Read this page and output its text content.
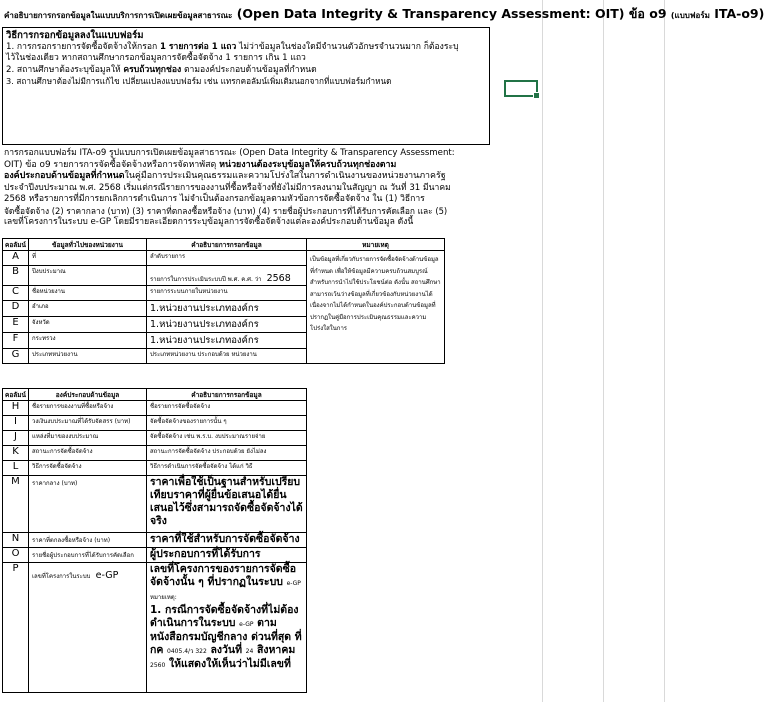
คำอธิบายการกรอกข้อมูลในแบบบริการการเปิดเผยข้อมูลสาธารณะ (Open Data Integrity & Transparency Assessment: OIT) ข้อ o9 (แบบฟอร์ม ITA-o9)
วิธีการกรอกข้อมูลลงในแบบฟอร์ม
1. การกรอกรายการจัดซื้อจัดจ้างให้กรอก 1 รายการต่อ 1 แถว ไม่ว่าข้อมูลในช่องใดมีจำนวนตัวอักษรจำนวนมาก ก็ต้องระบุ
ไว้ในช่องเดียว หากสถานศึกษากรอกข้อมูลการจัดซื้อจัดจ้าง 1 รายการ เกิน 1 แถว
2. สถานศึกษาต้องระบุข้อมูลให้ ครบถ้วนทุกช่อง ตามองค์ประกอบด้านข้อมูลที่กำหนด
3. สถานศึกษาต้องไม่มีการแก้ไข เปลี่ยนแปลงแบบฟอร์ม เช่น แทรกคอลัมน์เพิ่มเติมนอกจากที่แบบฟอร์มกำหนด
การกรอกแบบฟอร์ม ITA-o9 รูปแบบการเปิดเผยข้อมูลสาธารณะ (Open Data Integrity & Transparency Assessment:
OIT) ข้อ o9 รายการการจัดซื้อจัดจ้างหรือการจัดหาพัสดุ หน่วยงานต้องระบุข้อมูลให้ครบถ้วนทุกช่องตาม
องค์ประกอบด้านข้อมูลที่กำหนดในคู่มือการประเมินคุณธรรมและความโปร่งใสในการดำเนินงานของหน่วยงานภาครัฐ
ประจำปีงบประมาณ พ.ศ. 2568 เริ่มแต่กรณีรายการของงานที่ซื้อหรือจ้างที่ยังไม่มีการลงนามในสัญญา ณ วันที่ 31 มีนาคม
2568 หรือรายการที่มีการยกเลิกการดำเนินการ ไม่จำเป็นต้องกรอกข้อมูลตามหัวข้อการจัดซื้อจัดจ้าง ใน (1) วิธีการ
จัดซื้อจัดจ้าง (2) ราคากลาง (บาท) (3) ราคาที่ตกลงซื้อหรือจ้าง (บาท) (4) รายชื่อผู้ประกอบการที่ได้รับการคัดเลือก และ (5)
เลขที่โครงการในระบบ e-GP โดยมีรายละเอียดการระบุข้อมูลการจัดซื้อจัดจ้างแต่ละองค์ประกอบด้านข้อมูล ดังนี้
คอลัมน์	ข้อมูลทั่วไปของหน่วยงาน	คำอธิบายการกรอกข้อมูล	หมายเหตุ
A	ที่	ลำดับรายการ	เป็นข้อมูลที่เกี่ยวกับรายการจัดซื้อจัดจ้างด้านข้อมูลที่กำหนด เพื่อให้ข้อมูลมีความครบถ้วนสมบูรณ์สำหรับการนำไปใช้ประโยชน์ต่อ ดังนั้น สถานศึกษาสามารถเว้นว่างข้อมูลที่เกี่ยวข้องกับหน่วยงานได้ เนื่องจากไม่ได้กำหนดในองค์ประกอบด้านข้อมูลที่ปรากฏในคู่มือการประเมินคุณธรรมและความโปร่งใสในการ
B	ปีงบประมาณ	รายการในการประเมินระบบปี พ.ศ. ค.ศ. ว่า 2568	
C	ชื่อหน่วยงาน	รายการระบบภายในหน่วยงาน	
D	อำเภอ	1.หน่วยงานประเภทองค์กร	
E	จังหวัด	1.หน่วยงานประเภทองค์กร	
F	กระทรวง	1.หน่วยงานประเภทองค์กร	
G	ประเภทหน่วยงาน	ประเภทหน่วยงาน ประกอบด้วย หน่วยงาน	
คอลัมน์	องค์ประกอบด้านข้อมูล	คำอธิบายการกรอกข้อมูล
H	ชื่อรายการของงานที่ซื้อหรือจ้าง	ชื่อรายการจัดซื้อจัดจ้าง
I	วงเงินงบประมาณที่ได้รับจัดสรร (บาท)	จัดซื้อจัดจ้างของรายการนั้น ๆ
J	แหล่งที่มาของงบประมาณ	จัดซื้อจัดจ้าง เช่น พ.ร.บ. งบประมาณรายจ่าย
K	สถานะการจัดซื้อจัดจ้าง	สถานะการจัดซื้อจัดจ้าง ประกอบด้วย ยังไม่ลง
L	วิธีการจัดซื้อจัดจ้าง	วิธีการดำเนินการจัดซื้อจัดจ้าง ได้แก่ วิธี
M	ราคากลาง (บาท)	ราคาเพื่อใช้เป็นฐานสำหรับเปรียบเทียบราคาที่ผู้ยื่นข้อเสนอได้ยื่น เสนอไว้ซึ่งสามารถจัดซื้อจัดจ้างได้จริง
N	ราคาที่ตกลงซื้อหรือจ้าง (บาท)	ราคาที่ใช้สำหรับการจัดซื้อจัดจ้าง
O	รายชื่อผู้ประกอบการที่ได้รับการคัดเลือก	ผู้ประกอบการที่ได้รับการ
P	เลขที่โครงการในระบบ e-GP	เลขที่โครงการของรายการจัดซื้อจัดจ้างนั้น ๆ ที่ปรากฏในระบบ e-GP
หมายเหตุ:
1. กรณีการจัดซื้อจัดจ้างที่ไม่ต้องดำเนินการในระบบ e-GP ตามหนังสือกรมบัญชีกลาง ด่วนที่สุด ที่ กค 0405.4/ว 322 ลงวันที่ 24 สิงหาคม 2560 ให้แสดงให้เห็นว่าไม่มีเลขที่
